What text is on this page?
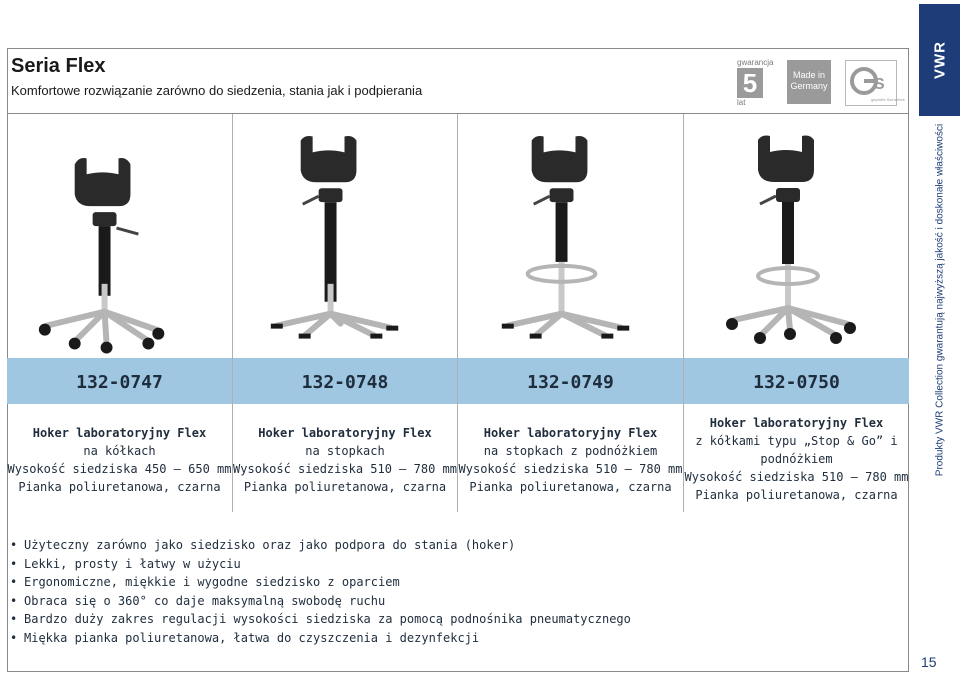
Seria Flex
Komfortowe rozwiązanie zarówno do siedzenia, stania jak i podpierania
gwarancja
5
lat
Made in Germany	S
geprüfte Sicherheit
VWR
Produkty VWR Collection gwarantują najwyższą jakość i doskonałe właściwości
15
132-0747
Hoker laboratoryjny Flex
na kółkach
Wysokość siedziska 450 – 650 mm
Pianka poliuretanowa, czarna
132-0748
Hoker laboratoryjny Flex
na stopkach
Wysokość siedziska 510 – 780 mm
Pianka poliuretanowa, czarna
132-0749
Hoker laboratoryjny Flex
na stopkach z podnóżkiem
Wysokość siedziska 510 – 780 mm
Pianka poliuretanowa, czarna
132-0750
Hoker laboratoryjny Flex
z kółkami typu „Stop & Go” i
podnóżkiem
Wysokość siedziska 510 – 780 mm
Pianka poliuretanowa, czarna
• Użyteczny zarówno jako siedzisko oraz jako podpora do stania (hoker)
• Lekki, prosty i łatwy w użyciu
• Ergonomiczne, miękkie i wygodne siedzisko z oparciem
• Obraca się o 360° co daje maksymalną swobodę ruchu
• Bardzo duży zakres regulacji wysokości siedziska za pomocą podnośnika pneumatycznego
• Miękka pianka poliuretanowa, łatwa do czyszczenia i dezynfekcji
